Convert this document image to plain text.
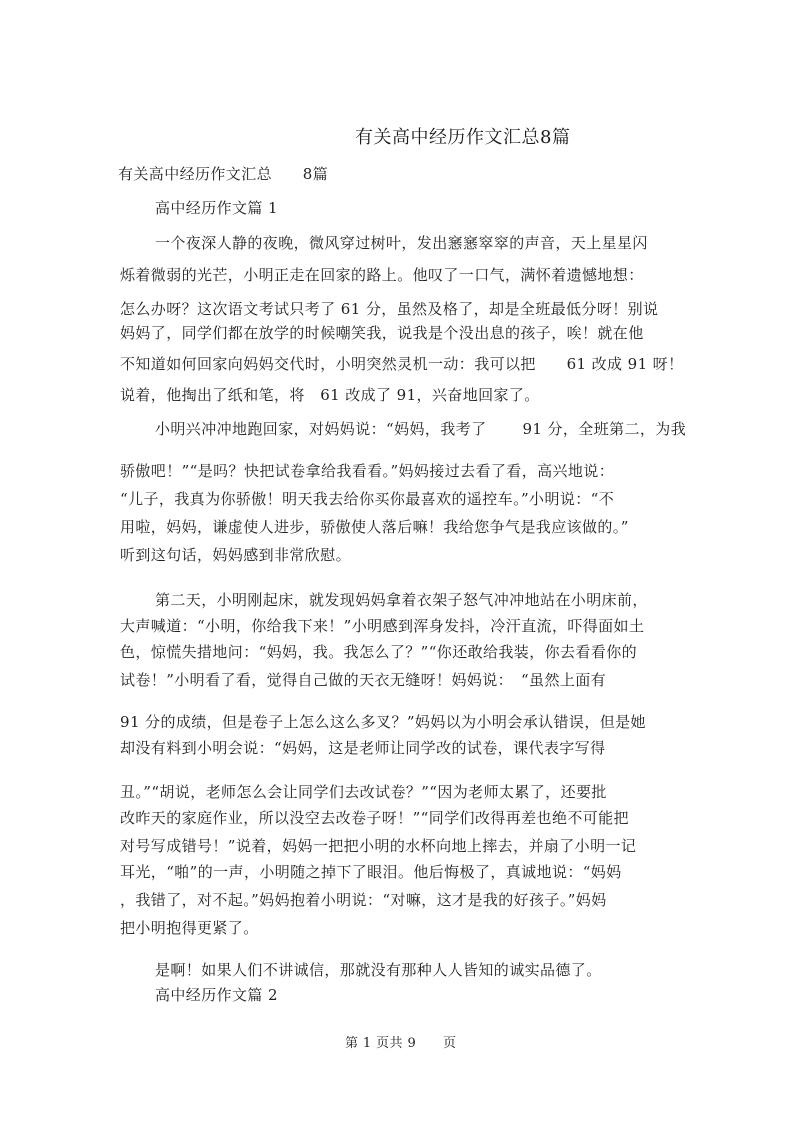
有关高中经历作文汇总8篇
有关高中经历作文汇总　　8篇
高中经历作文篇 1
一个夜深人静的夜晚，微风穿过树叶，发出窸窸窣窣的声音，天上星星闪
烁着微弱的光芒，小明正走在回家的路上。他叹了一口气，满怀着遗憾地想：
怎么办呀？这次语文考试只考了 61 分，虽然及格了，却是全班最低分呀！别说
妈妈了，同学们都在放学的时候嘲笑我，说我是个没出息的孩子，唉！就在他
不知道如何回家向妈妈交代时，小明突然灵机一动：我可以把　　61 改成 91 呀！
说着，他掏出了纸和笔，将　61 改成了 91，兴奋地回家了。
小明兴冲冲地跑回家，对妈妈说：“妈妈，我考了　　 91 分，全班第二，为我
骄傲吧！”“是吗？快把试卷拿给我看看。”妈妈接过去看了看，高兴地说：
“儿子，我真为你骄傲！明天我去给你买你最喜欢的遥控车。”小明说：“不
用啦，妈妈，谦虚使人进步，骄傲使人落后嘛！我给您争气是我应该做的。”
听到这句话，妈妈感到非常欣慰。
第二天，小明刚起床，就发现妈妈拿着衣架子怒气冲冲地站在小明床前，
大声喊道：“小明，你给我下来！”小明感到浑身发抖，冷汗直流，吓得面如土
色，惊慌失措地问：“妈妈，我。我怎么了？”“你还敢给我装，你去看看你的
试卷！”小明看了看，觉得自己做的天衣无缝呀！妈妈说：　“虽然上面有
91 分的成绩，但是卷子上怎么这么多叉？”妈妈以为小明会承认错误，但是她
却没有料到小明会说：“妈妈，这是老师让同学改的试卷，课代表字写得
丑。”“胡说，老师怎么会让同学们去改试卷？”“因为老师太累了，还要批
改昨天的家庭作业，所以没空去改卷子呀！”“同学们改得再差也绝不可能把
对号写成错号！”说着，妈妈一把把小明的水杯向地上摔去，并扇了小明一记
耳光，“啪”的一声，小明随之掉下了眼泪。他后悔极了，真诚地说：“妈妈
，我错了，对不起。”妈妈抱着小明说：“对嘛，这才是我的好孩子。”妈妈
把小明抱得更紧了。
是啊！如果人们不讲诚信，那就没有那种人人皆知的诚实品德了。
高中经历作文篇 2
第 1 页共 9　　页
